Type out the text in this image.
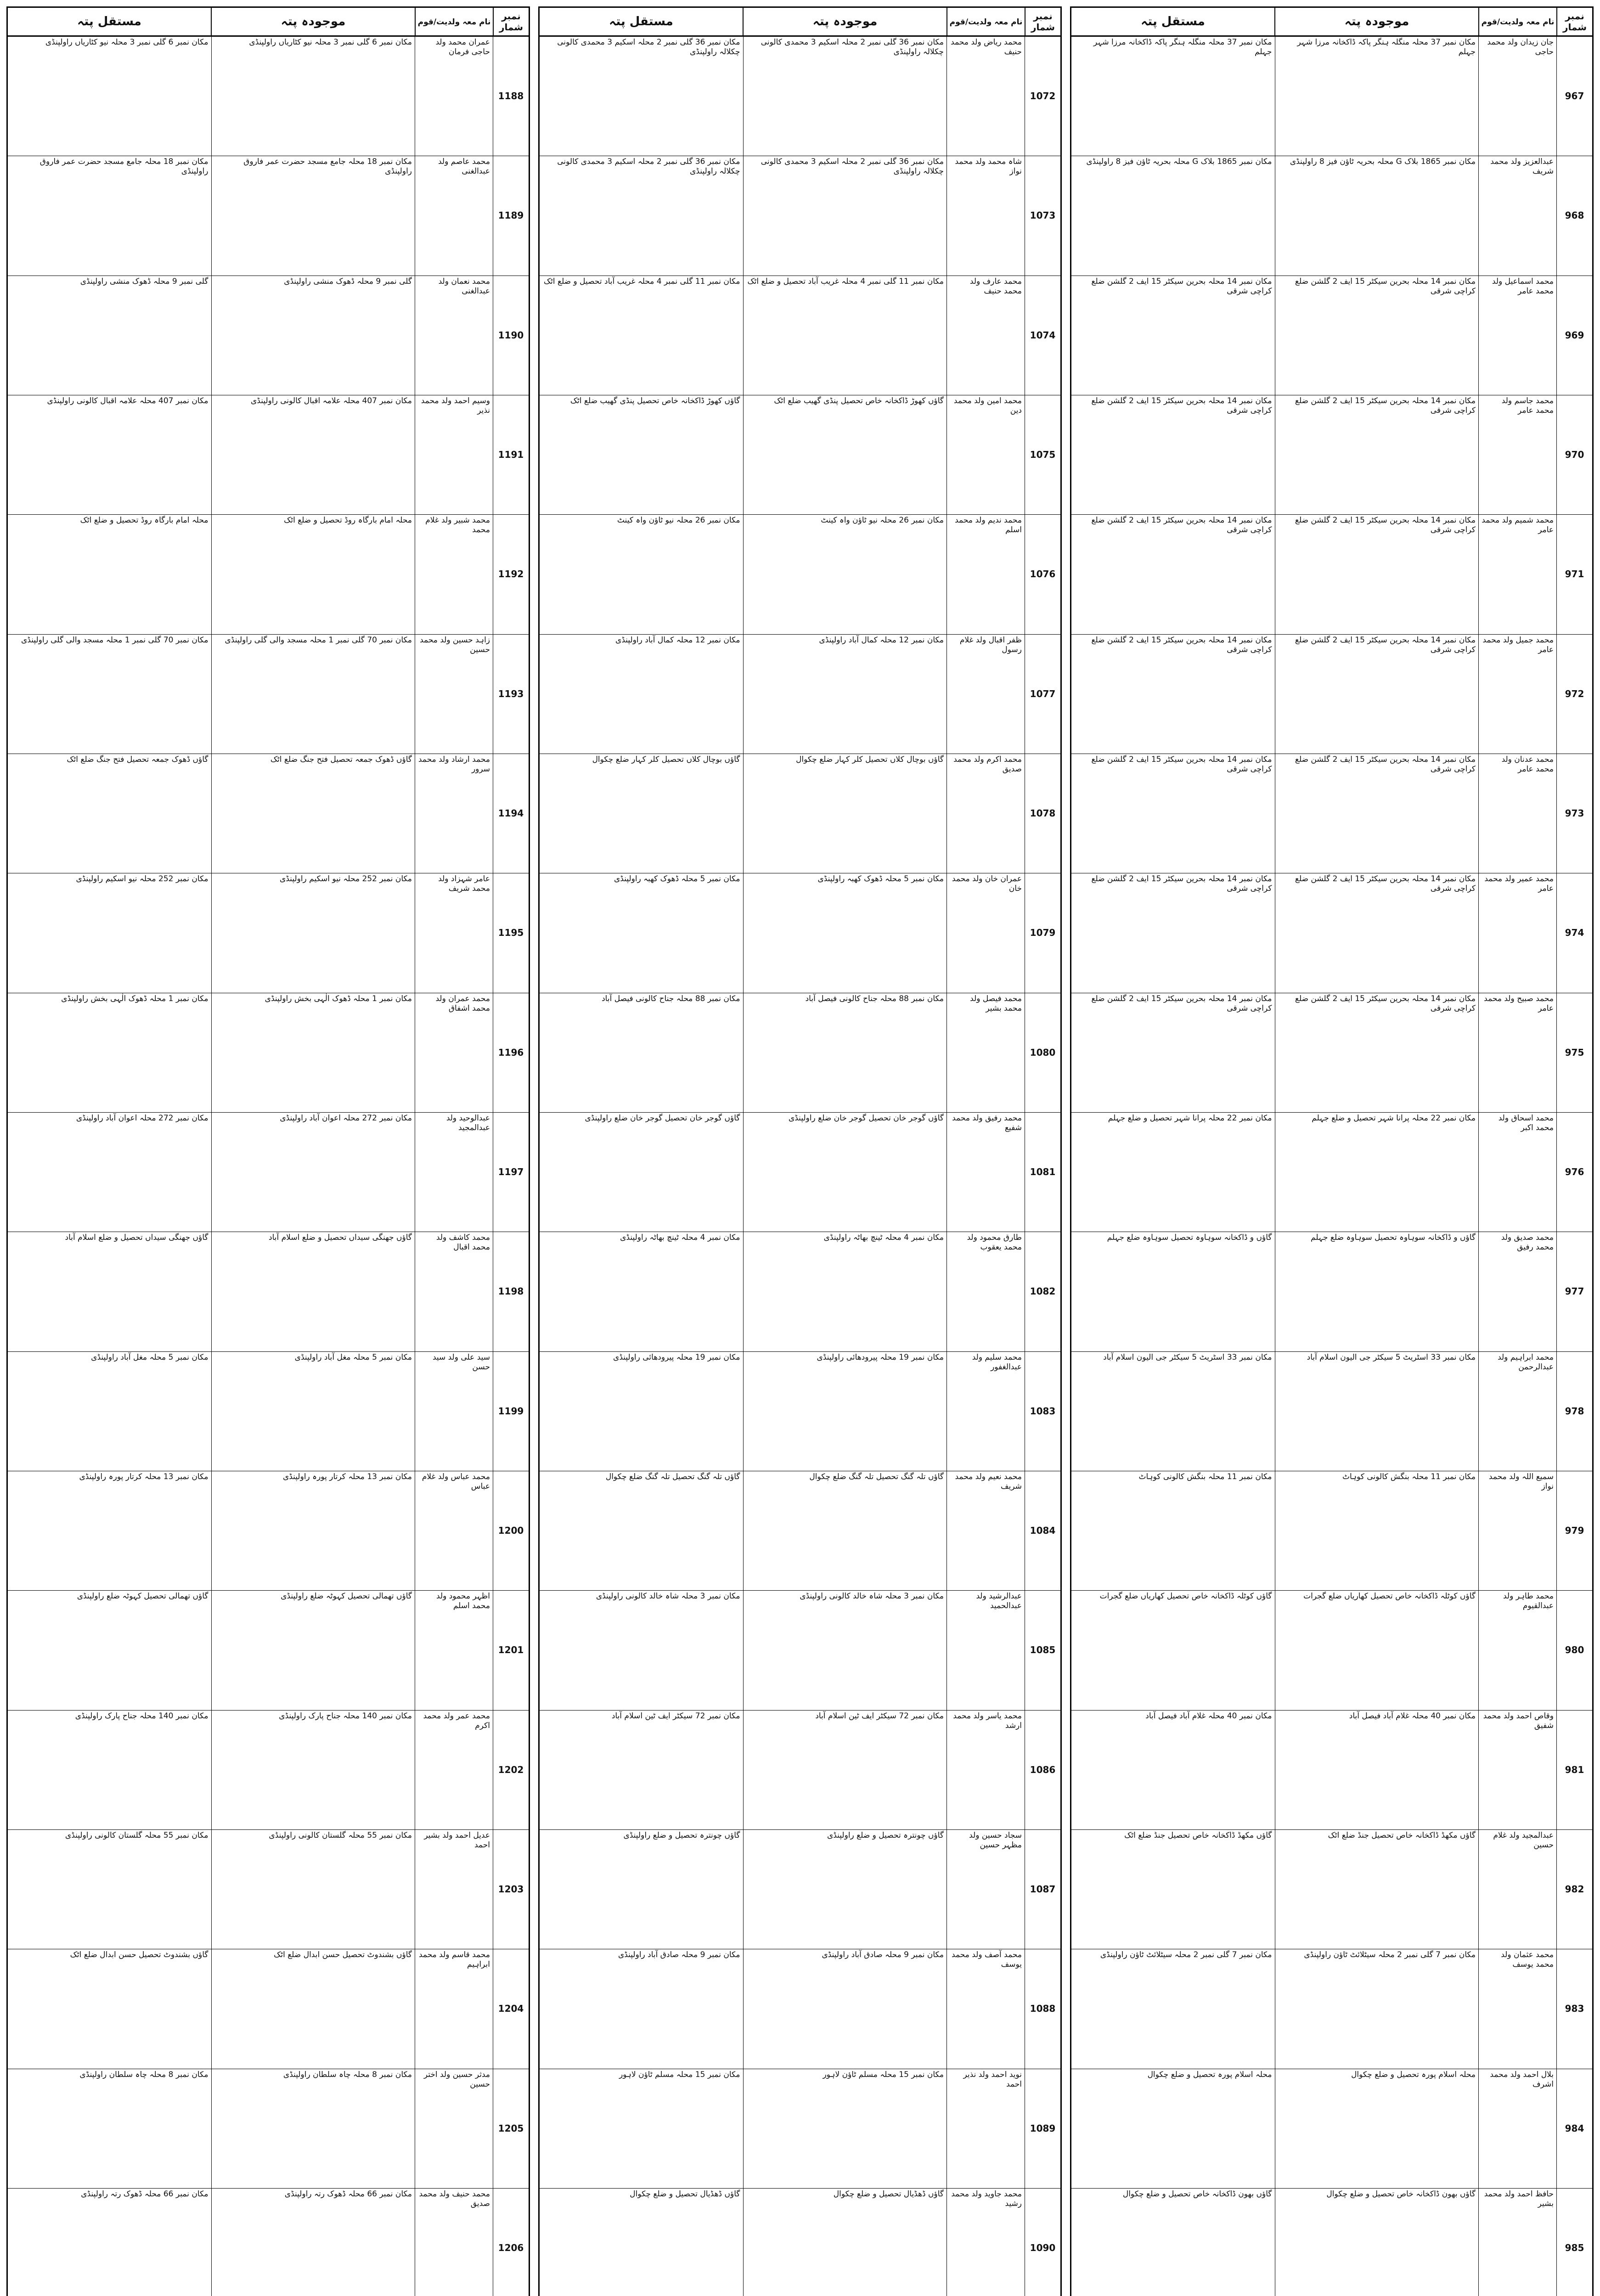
نمبر شمار
نام معہ ولدیت/قوم
موجودہ پتہ
مستقل پتہ
967
جان زیدان ولد محمد حاجی
مکان نمبر 37 محلہ منگلہ ہنگر پاکہ ڈاکخانہ مرزا شہر جہلم
مکان نمبر 37 محلہ منگلہ ہنگر پاکہ ڈاکخانہ مرزا شہر جہلم
968
عبدالعزیز ولد محمد شریف
مکان نمبر 1865 بلاک G محلہ بحریہ ٹاؤن فیز 8 راولپنڈی
مکان نمبر 1865 بلاک G محلہ بحریہ ٹاؤن فیز 8 راولپنڈی
969
محمد اسماعیل ولد محمد عامر
مکان نمبر 14 محلہ بحرین سیکٹر 15 ایف 2 گلشن ضلع کراچی شرقی
مکان نمبر 14 محلہ بحرین سیکٹر 15 ایف 2 گلشن ضلع کراچی شرقی
970
محمد جاسم ولد محمد عامر
مکان نمبر 14 محلہ بحرین سیکٹر 15 ایف 2 گلشن ضلع کراچی شرقی
مکان نمبر 14 محلہ بحرین سیکٹر 15 ایف 2 گلشن ضلع کراچی شرقی
971
محمد شمیم ولد محمد عامر
مکان نمبر 14 محلہ بحرین سیکٹر 15 ایف 2 گلشن ضلع کراچی شرقی
مکان نمبر 14 محلہ بحرین سیکٹر 15 ایف 2 گلشن ضلع کراچی شرقی
972
محمد جمیل ولد محمد عامر
مکان نمبر 14 محلہ بحرین سیکٹر 15 ایف 2 گلشن ضلع کراچی شرقی
مکان نمبر 14 محلہ بحرین سیکٹر 15 ایف 2 گلشن ضلع کراچی شرقی
973
محمد عدنان ولد محمد عامر
مکان نمبر 14 محلہ بحرین سیکٹر 15 ایف 2 گلشن ضلع کراچی شرقی
مکان نمبر 14 محلہ بحرین سیکٹر 15 ایف 2 گلشن ضلع کراچی شرقی
974
محمد عمیر ولد محمد عامر
مکان نمبر 14 محلہ بحرین سیکٹر 15 ایف 2 گلشن ضلع کراچی شرقی
مکان نمبر 14 محلہ بحرین سیکٹر 15 ایف 2 گلشن ضلع کراچی شرقی
975
محمد صبیح ولد محمد عامر
مکان نمبر 14 محلہ بحرین سیکٹر 15 ایف 2 گلشن ضلع کراچی شرقی
مکان نمبر 14 محلہ بحرین سیکٹر 15 ایف 2 گلشن ضلع کراچی شرقی
976
محمد اسحاق ولد محمد اکبر
مکان نمبر 22 محلہ پرانا شہر تحصیل و ضلع جہلم
مکان نمبر 22 محلہ پرانا شہر تحصیل و ضلع جہلم
977
محمد صدیق ولد محمد رفیق
گاؤں و ڈاکخانہ سوہاوہ تحصیل سوہاوہ ضلع جہلم
گاؤں و ڈاکخانہ سوہاوہ تحصیل سوہاوہ ضلع جہلم
978
محمد ابراہیم ولد عبدالرحمن
مکان نمبر 33 اسٹریٹ 5 سیکٹر جی الیون اسلام آباد
مکان نمبر 33 اسٹریٹ 5 سیکٹر جی الیون اسلام آباد
979
سمیع اللہ ولد محمد نواز
مکان نمبر 11 محلہ بنگش کالونی کوہاٹ
مکان نمبر 11 محلہ بنگش کالونی کوہاٹ
980
محمد طاہر ولد عبدالقیوم
گاؤں کوٹلہ ڈاکخانہ خاص تحصیل کھاریاں ضلع گجرات
گاؤں کوٹلہ ڈاکخانہ خاص تحصیل کھاریاں ضلع گجرات
981
وقاص احمد ولد محمد شفیق
مکان نمبر 40 محلہ غلام آباد فیصل آباد
مکان نمبر 40 محلہ غلام آباد فیصل آباد
982
عبدالمجید ولد غلام حسین
گاؤں مکھڈ ڈاکخانہ خاص تحصیل جنڈ ضلع اٹک
گاؤں مکھڈ ڈاکخانہ خاص تحصیل جنڈ ضلع اٹک
983
محمد عثمان ولد محمد یوسف
مکان نمبر 7 گلی نمبر 2 محلہ سیٹلائٹ ٹاؤن راولپنڈی
مکان نمبر 7 گلی نمبر 2 محلہ سیٹلائٹ ٹاؤن راولپنڈی
984
بلال احمد ولد محمد اشرف
محلہ اسلام پورہ تحصیل و ضلع چکوال
محلہ اسلام پورہ تحصیل و ضلع چکوال
985
حافظ احمد ولد محمد بشیر
گاؤں بھون ڈاکخانہ خاص تحصیل و ضلع چکوال
گاؤں بھون ڈاکخانہ خاص تحصیل و ضلع چکوال
نمبر شمار
نام معہ ولدیت/قوم
موجودہ پتہ
مستقل پتہ
1072
محمد ریاض ولد محمد حنیف
مکان نمبر 36 گلی نمبر 2 محلہ اسکیم 3 محمدی کالونی چکلالہ راولپنڈی
مکان نمبر 36 گلی نمبر 2 محلہ اسکیم 3 محمدی کالونی چکلالہ راولپنڈی
1073
شاہ محمد ولد محمد نواز
مکان نمبر 36 گلی نمبر 2 محلہ اسکیم 3 محمدی کالونی چکلالہ راولپنڈی
مکان نمبر 36 گلی نمبر 2 محلہ اسکیم 3 محمدی کالونی چکلالہ راولپنڈی
1074
محمد عارف ولد محمد حنیف
مکان نمبر 11 گلی نمبر 4 محلہ غریب آباد تحصیل و ضلع اٹک
مکان نمبر 11 گلی نمبر 4 محلہ غریب آباد تحصیل و ضلع اٹک
1075
محمد امین ولد محمد دین
گاؤں کھوڑ ڈاکخانہ خاص تحصیل پنڈی گھیب ضلع اٹک
گاؤں کھوڑ ڈاکخانہ خاص تحصیل پنڈی گھیب ضلع اٹک
1076
محمد ندیم ولد محمد اسلم
مکان نمبر 26 محلہ نیو ٹاؤن واہ کینٹ
مکان نمبر 26 محلہ نیو ٹاؤن واہ کینٹ
1077
ظفر اقبال ولد غلام رسول
مکان نمبر 12 محلہ کمال آباد راولپنڈی
مکان نمبر 12 محلہ کمال آباد راولپنڈی
1078
محمد اکرم ولد محمد صدیق
گاؤں بوچال کلاں تحصیل کلر کہار ضلع چکوال
گاؤں بوچال کلاں تحصیل کلر کہار ضلع چکوال
1079
عمران خان ولد محمد خان
مکان نمبر 5 محلہ ڈھوک کھبہ راولپنڈی
مکان نمبر 5 محلہ ڈھوک کھبہ راولپنڈی
1080
محمد فیصل ولد محمد بشیر
مکان نمبر 88 محلہ جناح کالونی فیصل آباد
مکان نمبر 88 محلہ جناح کالونی فیصل آباد
1081
محمد رفیق ولد محمد شفیع
گاؤں گوجر خان تحصیل گوجر خان ضلع راولپنڈی
گاؤں گوجر خان تحصیل گوجر خان ضلع راولپنڈی
1082
طارق محمود ولد محمد یعقوب
مکان نمبر 4 محلہ ٹینچ بھاٹہ راولپنڈی
مکان نمبر 4 محلہ ٹینچ بھاٹہ راولپنڈی
1083
محمد سلیم ولد عبدالغفور
مکان نمبر 19 محلہ پیرودھائی راولپنڈی
مکان نمبر 19 محلہ پیرودھائی راولپنڈی
1084
محمد نعیم ولد محمد شریف
گاؤں تلہ گنگ تحصیل تلہ گنگ ضلع چکوال
گاؤں تلہ گنگ تحصیل تلہ گنگ ضلع چکوال
1085
عبدالرشید ولد عبدالحمید
مکان نمبر 3 محلہ شاہ خالد کالونی راولپنڈی
مکان نمبر 3 محلہ شاہ خالد کالونی راولپنڈی
1086
محمد یاسر ولد محمد ارشد
مکان نمبر 72 سیکٹر ایف ٹین اسلام آباد
مکان نمبر 72 سیکٹر ایف ٹین اسلام آباد
1087
سجاد حسین ولد مظہر حسین
گاؤں چونترہ تحصیل و ضلع راولپنڈی
گاؤں چونترہ تحصیل و ضلع راولپنڈی
1088
محمد آصف ولد محمد یوسف
مکان نمبر 9 محلہ صادق آباد راولپنڈی
مکان نمبر 9 محلہ صادق آباد راولپنڈی
1089
نوید احمد ولد نذیر احمد
مکان نمبر 15 محلہ مسلم ٹاؤن لاہور
مکان نمبر 15 محلہ مسلم ٹاؤن لاہور
1090
محمد جاوید ولد محمد رشید
گاؤں ڈھڈیال تحصیل و ضلع چکوال
گاؤں ڈھڈیال تحصیل و ضلع چکوال
نمبر شمار
نام معہ ولدیت/قوم
موجودہ پتہ
مستقل پتہ
1188
عمران محمد ولد حاجی فرمان
مکان نمبر 6 گلی نمبر 3 محلہ نیو کٹاریاں راولپنڈی
مکان نمبر 6 گلی نمبر 3 محلہ نیو کٹاریاں راولپنڈی
1189
محمد عاصم ولد عبدالغنی
مکان نمبر 18 محلہ جامع مسجد حضرت عمر فاروق راولپنڈی
مکان نمبر 18 محلہ جامع مسجد حضرت عمر فاروق راولپنڈی
1190
محمد نعمان ولد عبدالغنی
گلی نمبر 9 محلہ ڈھوک منشی راولپنڈی
گلی نمبر 9 محلہ ڈھوک منشی راولپنڈی
1191
وسیم احمد ولد محمد نذیر
مکان نمبر 407 محلہ علامہ اقبال کالونی راولپنڈی
مکان نمبر 407 محلہ علامہ اقبال کالونی راولپنڈی
1192
محمد شبیر ولد غلام محمد
محلہ امام بارگاہ روڈ تحصیل و ضلع اٹک
محلہ امام بارگاہ روڈ تحصیل و ضلع اٹک
1193
زاہد حسین ولد محمد حسین
مکان نمبر 70 گلی نمبر 1 محلہ مسجد والی گلی راولپنڈی
مکان نمبر 70 گلی نمبر 1 محلہ مسجد والی گلی راولپنڈی
1194
محمد ارشاد ولد محمد سرور
گاؤں ڈھوک جمعہ تحصیل فتح جنگ ضلع اٹک
گاؤں ڈھوک جمعہ تحصیل فتح جنگ ضلع اٹک
1195
عامر شہزاد ولد محمد شریف
مکان نمبر 252 محلہ نیو اسکیم راولپنڈی
مکان نمبر 252 محلہ نیو اسکیم راولپنڈی
1196
محمد عمران ولد محمد اشفاق
مکان نمبر 1 محلہ ڈھوک الٰہی بخش راولپنڈی
مکان نمبر 1 محلہ ڈھوک الٰہی بخش راولپنڈی
1197
عبدالوحید ولد عبدالمجید
مکان نمبر 272 محلہ اعوان آباد راولپنڈی
مکان نمبر 272 محلہ اعوان آباد راولپنڈی
1198
محمد کاشف ولد محمد اقبال
گاؤں جھنگی سیداں تحصیل و ضلع اسلام آباد
گاؤں جھنگی سیداں تحصیل و ضلع اسلام آباد
1199
سید علی ولد سید حسن
مکان نمبر 5 محلہ مغل آباد راولپنڈی
مکان نمبر 5 محلہ مغل آباد راولپنڈی
1200
محمد عباس ولد غلام عباس
مکان نمبر 13 محلہ کرتار پورہ راولپنڈی
مکان نمبر 13 محلہ کرتار پورہ راولپنڈی
1201
اظہر محمود ولد محمد اسلم
گاؤں تھمالی تحصیل کہوٹہ ضلع راولپنڈی
گاؤں تھمالی تحصیل کہوٹہ ضلع راولپنڈی
1202
محمد عمر ولد محمد اکرم
مکان نمبر 140 محلہ جناح پارک راولپنڈی
مکان نمبر 140 محلہ جناح پارک راولپنڈی
1203
عدیل احمد ولد بشیر احمد
مکان نمبر 55 محلہ گلستان کالونی راولپنڈی
مکان نمبر 55 محلہ گلستان کالونی راولپنڈی
1204
محمد قاسم ولد محمد ابراہیم
گاؤں بشندوٹ تحصیل حسن ابدال ضلع اٹک
گاؤں بشندوٹ تحصیل حسن ابدال ضلع اٹک
1205
مدثر حسین ولد اختر حسین
مکان نمبر 8 محلہ چاہ سلطان راولپنڈی
مکان نمبر 8 محلہ چاہ سلطان راولپنڈی
1206
محمد حنیف ولد محمد صدیق
مکان نمبر 66 محلہ ڈھوک رتہ راولپنڈی
مکان نمبر 66 محلہ ڈھوک رتہ راولپنڈی
